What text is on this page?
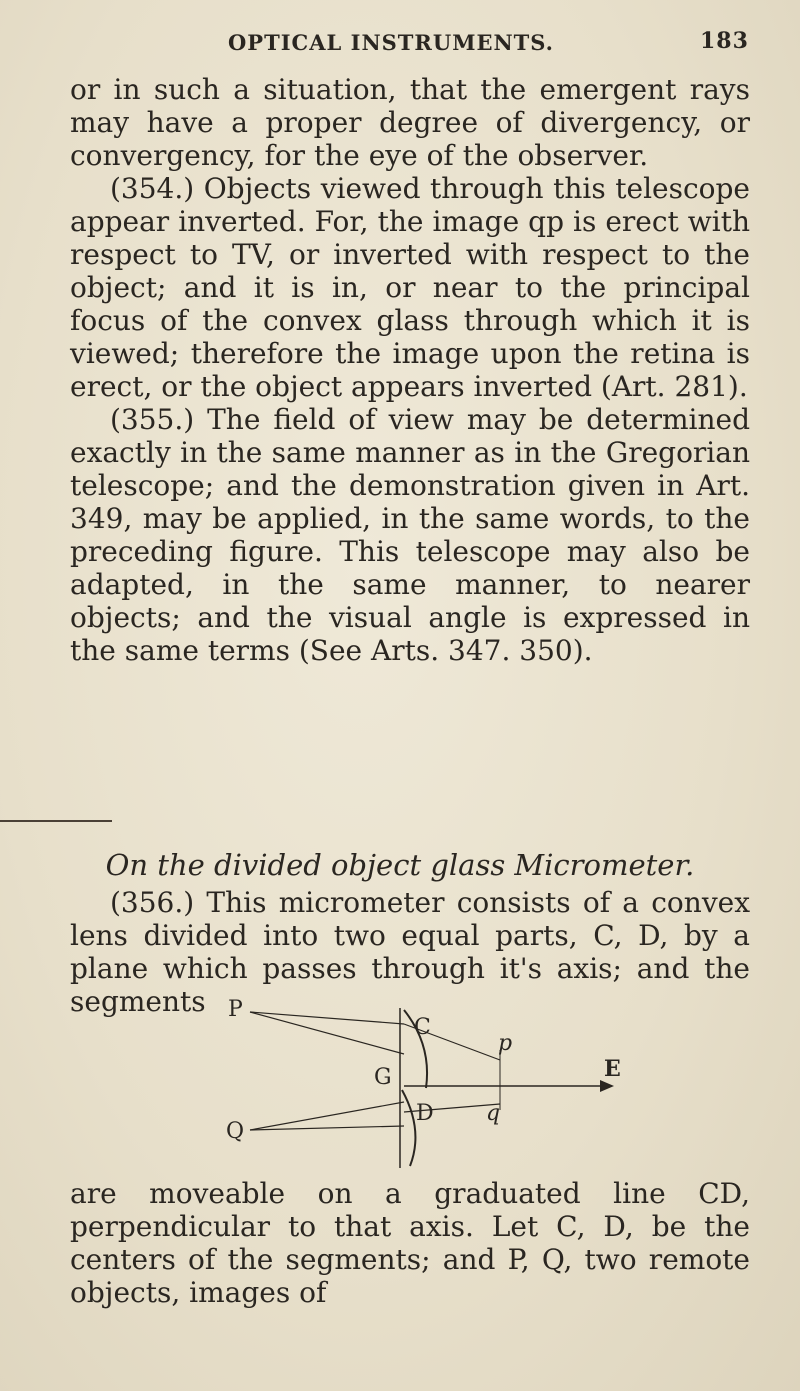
OPTICAL INSTRUMENTS.	183

or in such a situation, that the emergent rays may have a proper degree of divergency, or convergency, for the eye of the observer.

(354.) Objects viewed through this telescope appear inverted. For, the image qp is erect with respect to TV, or inverted with respect to the object; and it is in, or near to the principal focus of the convex glass through which it is viewed; therefore the image upon the retina is erect, or the object appears inverted (Art. 281).

(355.) The field of view may be determined exactly in the same manner as in the Gregorian telescope; and the demonstration given in Art. 349, may be applied, in the same words, to the preceding figure. This telescope may also be adapted, in the same manner, to nearer objects; and the visual angle is expressed in the same terms (See Arts. 347. 350).

On the divided object glass Micrometer.

(356.) This micrometer consists of a convex lens divided into two equal parts, C, D, by a plane which passes through it's axis; and the segments	P
C
p
G	E
q
D
Q

are moveable on a graduated line CD, perpendicular to that axis. Let C, D, be the centers of the segments; and P, Q, two remote objects, images of
